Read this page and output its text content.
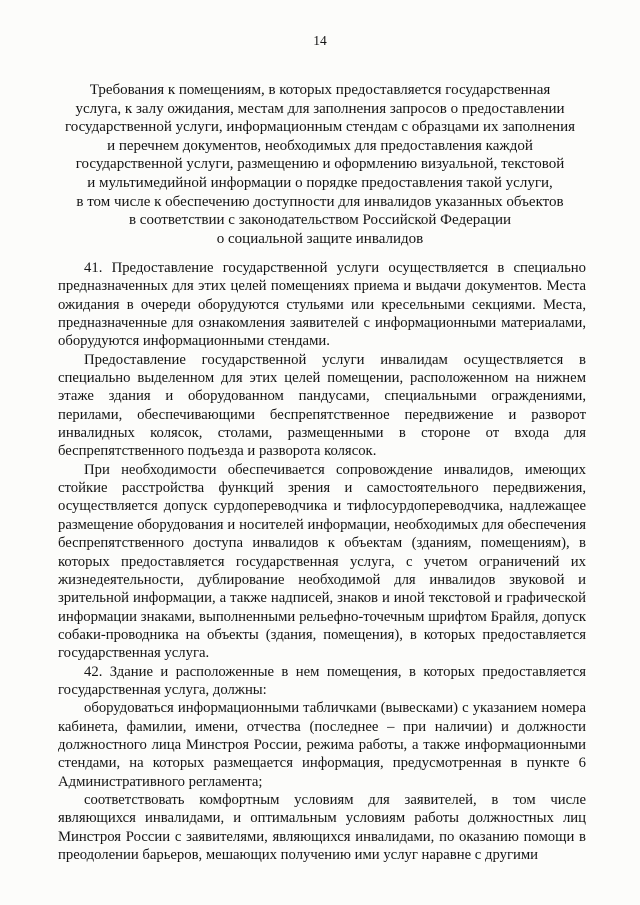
14
Требования к помещениям, в которых предоставляется государственная
услуга, к залу ожидания, местам для заполнения запросов о предоставлении
государственной услуги, информационным стендам с образцами их заполнения
и перечнем документов, необходимых для предоставления каждой
государственной услуги, размещению и оформлению визуальной, текстовой
и мультимедийной информации о порядке предоставления такой услуги,
в том числе к обеспечению доступности для инвалидов указанных объектов
в соответствии с законодательством Российской Федерации
о социальной защите инвалидов

41. Предоставление государственной услуги осуществляется в специально предназначенных для этих целей помещениях приема и выдачи документов. Места ожидания в очереди оборудуются стульями или кресельными секциями. Места, предназначенные для ознакомления заявителей с информационными материалами, оборудуются информационными стендами.

Предоставление государственной услуги инвалидам осуществляется в специально выделенном для этих целей помещении, расположенном на нижнем этаже здания и оборудованном пандусами, специальными ограждениями, перилами, обеспечивающими беспрепятственное передвижение и разворот инвалидных колясок, столами, размещенными в стороне от входа для беспрепятственного подъезда и разворота колясок.

При необходимости обеспечивается сопровождение инвалидов, имеющих стойкие расстройства функций зрения и самостоятельного передвижения, осуществляется допуск сурдопереводчика и тифлосурдопереводчика, надлежащее размещение оборудования и носителей информации, необходимых для обеспечения беспрепятственного доступа инвалидов к объектам (зданиям, помещениям), в которых предоставляется государственная услуга, с учетом ограничений их жизнедеятельности, дублирование необходимой для инвалидов звуковой и зрительной информации, а также надписей, знаков и иной текстовой и графической информации знаками, выполненными рельефно-точечным шрифтом Брайля, допуск собаки-проводника на объекты (здания, помещения), в которых предоставляется государственная услуга.

42. Здание и расположенные в нем помещения, в которых предоставляется государственная услуга, должны:

оборудоваться информационными табличками (вывесками) с указанием номера кабинета, фамилии, имени, отчества (последнее – при наличии) и должности должностного лица Минстроя России, режима работы, а также информационными стендами, на которых размещается информация, предусмотренная в пункте 6 Административного регламента;

соответствовать комфортным условиям для заявителей, в том числе являющихся инвалидами, и оптимальным условиям работы должностных лиц Минстроя России с заявителями, являющихся инвалидами, по оказанию помощи в преодолении барьеров, мешающих получению ими услуг наравне с другими
